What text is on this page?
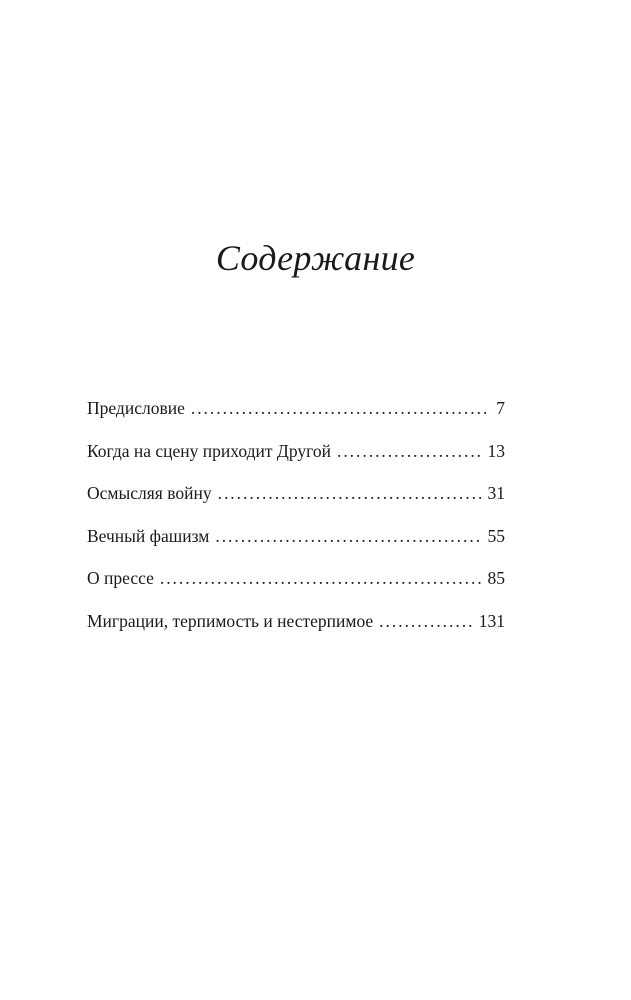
Содержание
Предисловие . . .	7
Когда на сцену приходит Другой . . .	13
Осмысляя войну . . .	31
Вечный фашизм . . .	55
О прессе . . .	85
Миграции, терпимость и нестерпимое . . .	131
